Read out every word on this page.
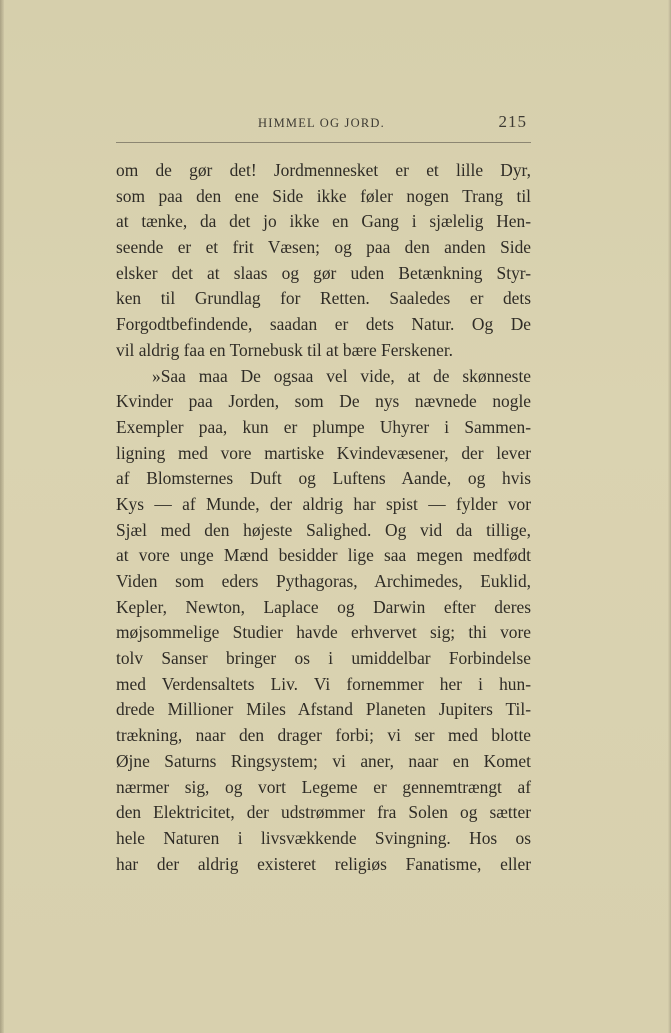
HIMMEL OG JORD.	215
om de gør det! Jordmennesket er et lille Dyr,
som paa den ene Side ikke føler nogen Trang til
at tænke, da det jo ikke en Gang i sjælelig Hen-
seende er et frit Væsen; og paa den anden Side
elsker det at slaas og gør uden Betænkning Styr-
ken til Grundlag for Retten. Saaledes er dets
Forgodtbefindende, saadan er dets Natur. Og De
vil aldrig faa en Tornebusk til at bære Ferskener.
»Saa maa De ogsaa vel vide, at de skønneste
Kvinder paa Jorden, som De nys nævnede nogle
Exempler paa, kun er plumpe Uhyrer i Sammen-
ligning med vore martiske Kvindevæsener, der lever
af Blomsternes Duft og Luftens Aande, og hvis
Kys — af Munde, der aldrig har spist — fylder vor
Sjæl med den højeste Salighed. Og vid da tillige,
at vore unge Mænd besidder lige saa megen medfødt
Viden som eders Pythagoras, Archimedes, Euklid,
Kepler, Newton, Laplace og Darwin efter deres
møjsommelige Studier havde erhvervet sig; thi vore
tolv Sanser bringer os i umiddelbar Forbindelse
med Verdensaltets Liv. Vi fornemmer her i hun-
drede Millioner Miles Afstand Planeten Jupiters Til-
trækning, naar den drager forbi; vi ser med blotte
Øjne Saturns Ringsystem; vi aner, naar en Komet
nærmer sig, og vort Legeme er gennemtrængt af
den Elektricitet, der udstrømmer fra Solen og sætter
hele Naturen i livsvækkende Svingning. Hos os
har der aldrig existeret religiøs Fanatisme, eller
